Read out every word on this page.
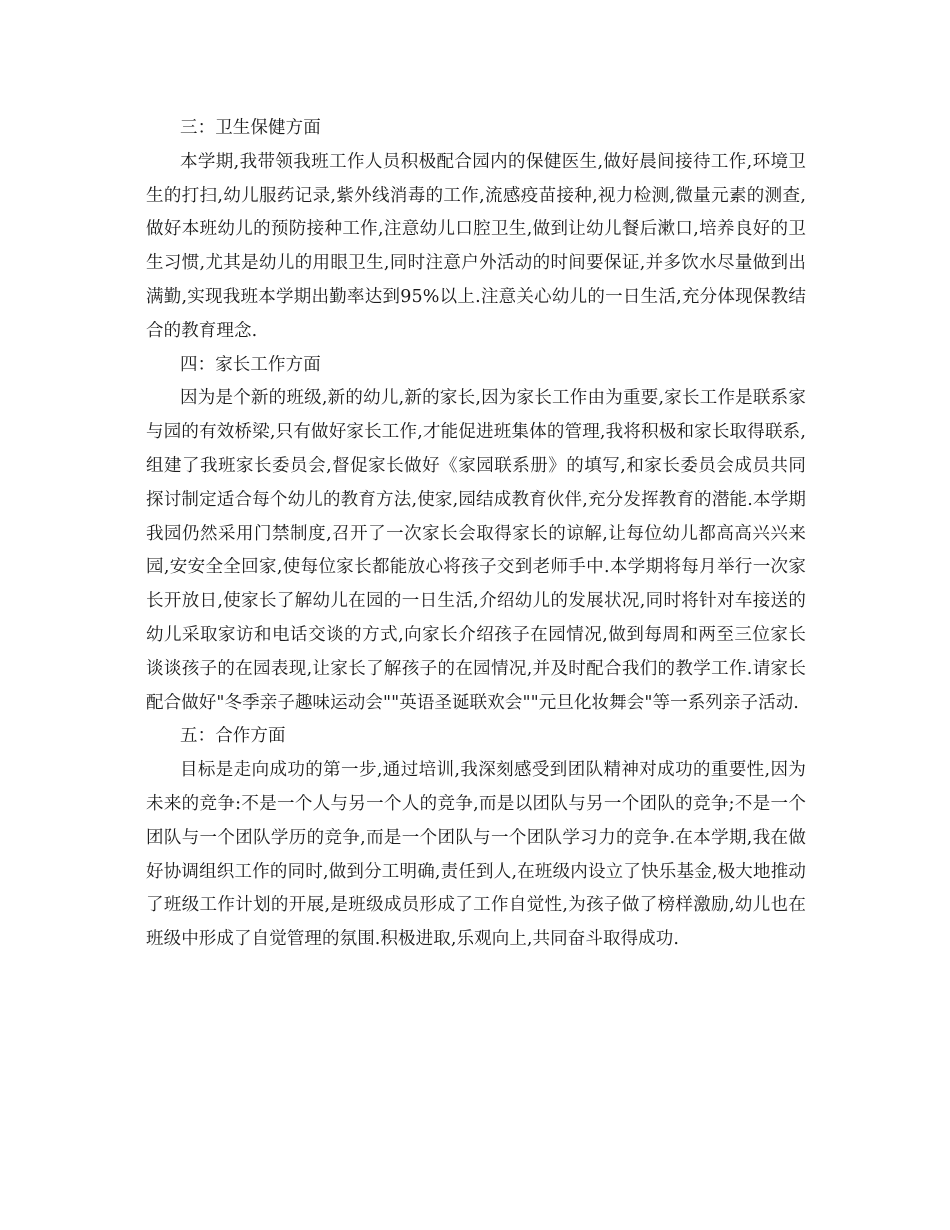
三：卫生保健方面

本学期,我带领我班工作人员积极配合园内的保健医生,做好晨间接待工作,环境卫生的打扫,幼儿服药记录,紫外线消毒的工作,流感疫苗接种,视力检测,微量元素的测查,做好本班幼儿的预防接种工作,注意幼儿口腔卫生,做到让幼儿餐后漱口,培养良好的卫生习惯,尤其是幼儿的用眼卫生,同时注意户外活动的时间要保证,并多饮水尽量做到出满勤,实现我班本学期出勤率达到95%以上.注意关心幼儿的一日生活,充分体现保教结合的教育理念.

四：家长工作方面

因为是个新的班级,新的幼儿,新的家长,因为家长工作由为重要,家长工作是联系家与园的有效桥梁,只有做好家长工作,才能促进班集体的管理,我将积极和家长取得联系,组建了我班家长委员会,督促家长做好《家园联系册》的填写,和家长委员会成员共同探讨制定适合每个幼儿的教育方法,使家,园结成教育伙伴,充分发挥教育的潜能.本学期我园仍然采用门禁制度,召开了一次家长会取得家长的谅解,让每位幼儿都高高兴兴来园,安安全全回家,使每位家长都能放心将孩子交到老师手中.本学期将每月举行一次家长开放日,使家长了解幼儿在园的一日生活,介绍幼儿的发展状况,同时将针对车接送的幼儿采取家访和电话交谈的方式,向家长介绍孩子在园情况,做到每周和两至三位家长谈谈孩子的在园表现,让家长了解孩子的在园情况,并及时配合我们的教学工作.请家长配合做好"冬季亲子趣味运动会""英语圣诞联欢会""元旦化妆舞会"等一系列亲子活动.

五：合作方面

目标是走向成功的第一步,通过培训,我深刻感受到团队精神对成功的重要性,因为未来的竞争:不是一个人与另一个人的竞争,而是以团队与另一个团队的竞争;不是一个团队与一个团队学历的竞争,而是一个团队与一个团队学习力的竞争.在本学期,我在做好协调组织工作的同时,做到分工明确,责任到人,在班级内设立了快乐基金,极大地推动了班级工作计划的开展,是班级成员形成了工作自觉性,为孩子做了榜样激励,幼儿也在班级中形成了自觉管理的氛围.积极进取,乐观向上,共同奋斗取得成功.
